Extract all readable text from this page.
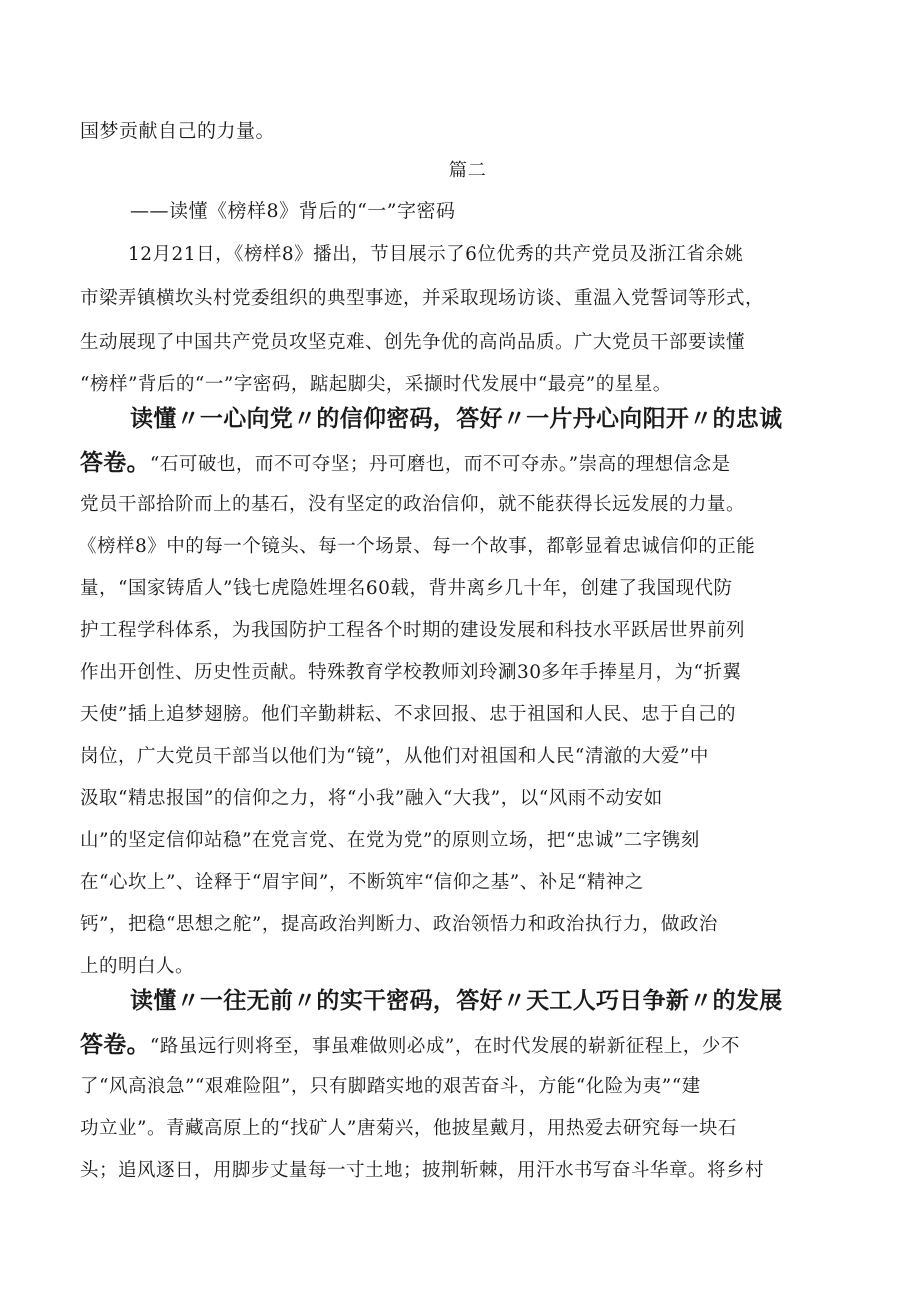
国梦贡献自己的力量。
篇二
——读懂《榜样8》背后的“一”字密码
12月21日，《榜样8》播出，节目展示了6位优秀的共产党员及浙江省余姚
市梁弄镇横坎头村党委组织的典型事迹，并采取现场访谈、重温入党誓词等形式，
生动展现了中国共产党员攻坚克难、创先争优的高尚品质。广大党员干部要读懂
“榜样”背后的“一”字密码，踮起脚尖，采撷时代发展中“最亮”的星星。
读懂〃一心向党〃的信仰密码，答好〃一片丹心向阳开〃的忠诚
答卷。“石可破也，而不可夺坚；丹可磨也，而不可夺赤。”崇高的理想信念是
党员干部拾阶而上的基石，没有坚定的政治信仰，就不能获得长远发展的力量。
《榜样8》中的每一个镜头、每一个场景、每一个故事，都彰显着忠诚信仰的正能
量，“国家铸盾人”钱七虎隐姓埋名60载，背井离乡几十年，创建了我国现代防
护工程学科体系，为我国防护工程各个时期的建设发展和科技水平跃居世界前列
作出开创性、历史性贡献。特殊教育学校教师刘玲涮30多年手捧星月，为“折翼
天使”插上追梦翅膀。他们辛勤耕耘、不求回报、忠于祖国和人民、忠于自己的
岗位，广大党员干部当以他们为“镜”，从他们对祖国和人民“清澈的大爱”中
汲取“精忠报国”的信仰之力，将“小我”融入“大我”，以“风雨不动安如
山”的坚定信仰站稳”在党言党、在党为党”的原则立场，把“忠诚”二字镌刻
在“心坎上”、诠释于“眉宇间”，不断筑牢“信仰之基”、补足“精神之
钙”，把稳“思想之舵”，提高政治判断力、政治领悟力和政治执行力，做政治
上的明白人。
读懂〃一往无前〃的实干密码，答好〃天工人巧日争新〃的发展
答卷。“路虽远行则将至，事虽难做则必成”，在时代发展的崭新征程上，少不
了“风高浪急”“艰难险阻”，只有脚踏实地的艰苦奋斗，方能“化险为夷”“建
功立业”。青藏高原上的“找矿人”唐菊兴，他披星戴月，用热爱去研究每一块石
头；追风逐日，用脚步丈量每一寸土地；披荆斩棘，用汗水书写奋斗华章。将乡村
